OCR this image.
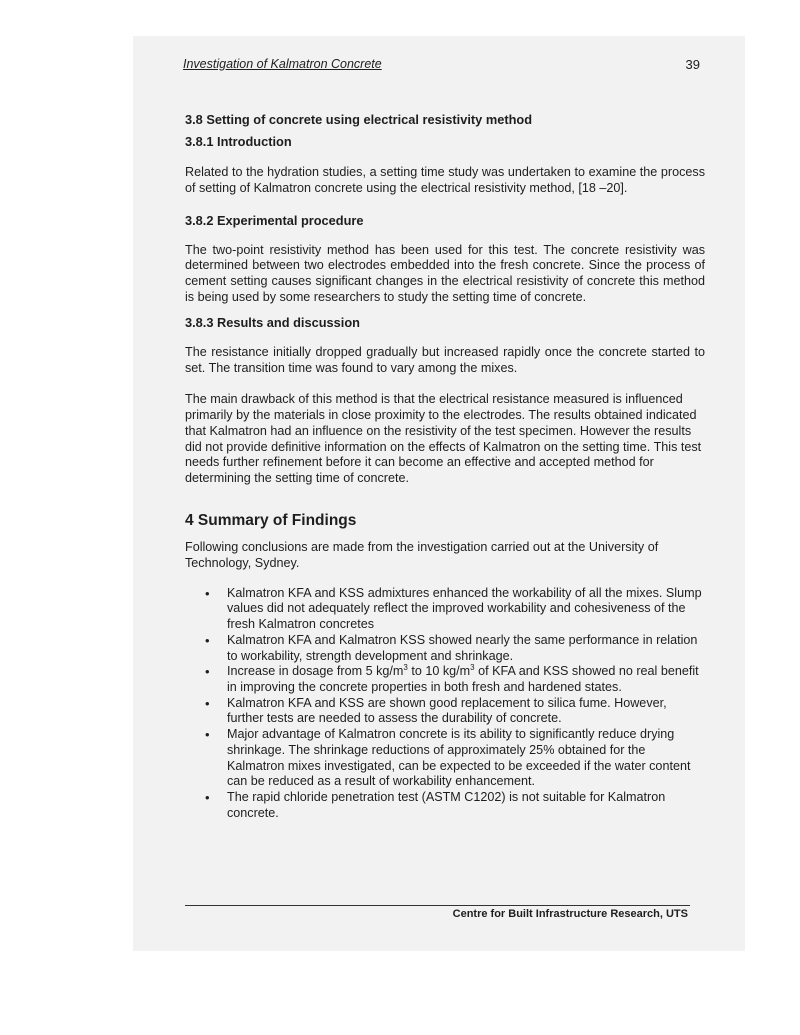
Investigation of Kalmatron Concrete	39
3.8 Setting of concrete using electrical resistivity method
3.8.1 Introduction

Related to the hydration studies, a setting time study was undertaken to examine the process of setting of Kalmatron concrete using the electrical resistivity method, [18 –20].

3.8.2 Experimental procedure

The two-point resistivity method has been used for this test. The concrete resistivity was determined between two electrodes embedded into the fresh concrete. Since the process of cement setting causes significant changes in the electrical resistivity of concrete this method is being used by some researchers to study the setting time of concrete.

3.8.3 Results and discussion

The resistance initially dropped gradually but increased rapidly once the concrete started to set. The transition time was found to vary among the mixes.

The main drawback of this method is that the electrical resistance measured is influenced primarily by the materials in close proximity to the electrodes. The results obtained indicated that Kalmatron had an influence on the resistivity of the test specimen. However the results did not provide definitive information on the effects of Kalmatron on the setting time. This test needs further refinement before it can become an effective and accepted method for determining the setting time of concrete.

4 Summary of Findings

Following conclusions are made from the investigation carried out at the University of Technology, Sydney.

• Kalmatron KFA and KSS admixtures enhanced the workability of all the mixes. Slump values did not adequately reflect the improved workability and cohesiveness of the fresh Kalmatron concretes
• Kalmatron KFA and Kalmatron KSS showed nearly the same performance in relation to workability, strength development and shrinkage.
• Increase in dosage from 5 $kg/m^3$ to 10 $kg/m^3$ of KFA and KSS showed no real benefit in improving the concrete properties in both fresh and hardened states.
• Kalmatron KFA and KSS are shown good replacement to silica fume. However, further tests are needed to assess the durability of concrete.
• Major advantage of Kalmatron concrete is its ability to significantly reduce drying shrinkage. The shrinkage reductions of approximately 25% obtained for the Kalmatron mixes investigated, can be expected to be exceeded if the water content can be reduced as a result of workability enhancement.
• The rapid chloride penetration test (ASTM C1202) is not suitable for Kalmatron concrete.
Centre for Built Infrastructure Research, UTS
